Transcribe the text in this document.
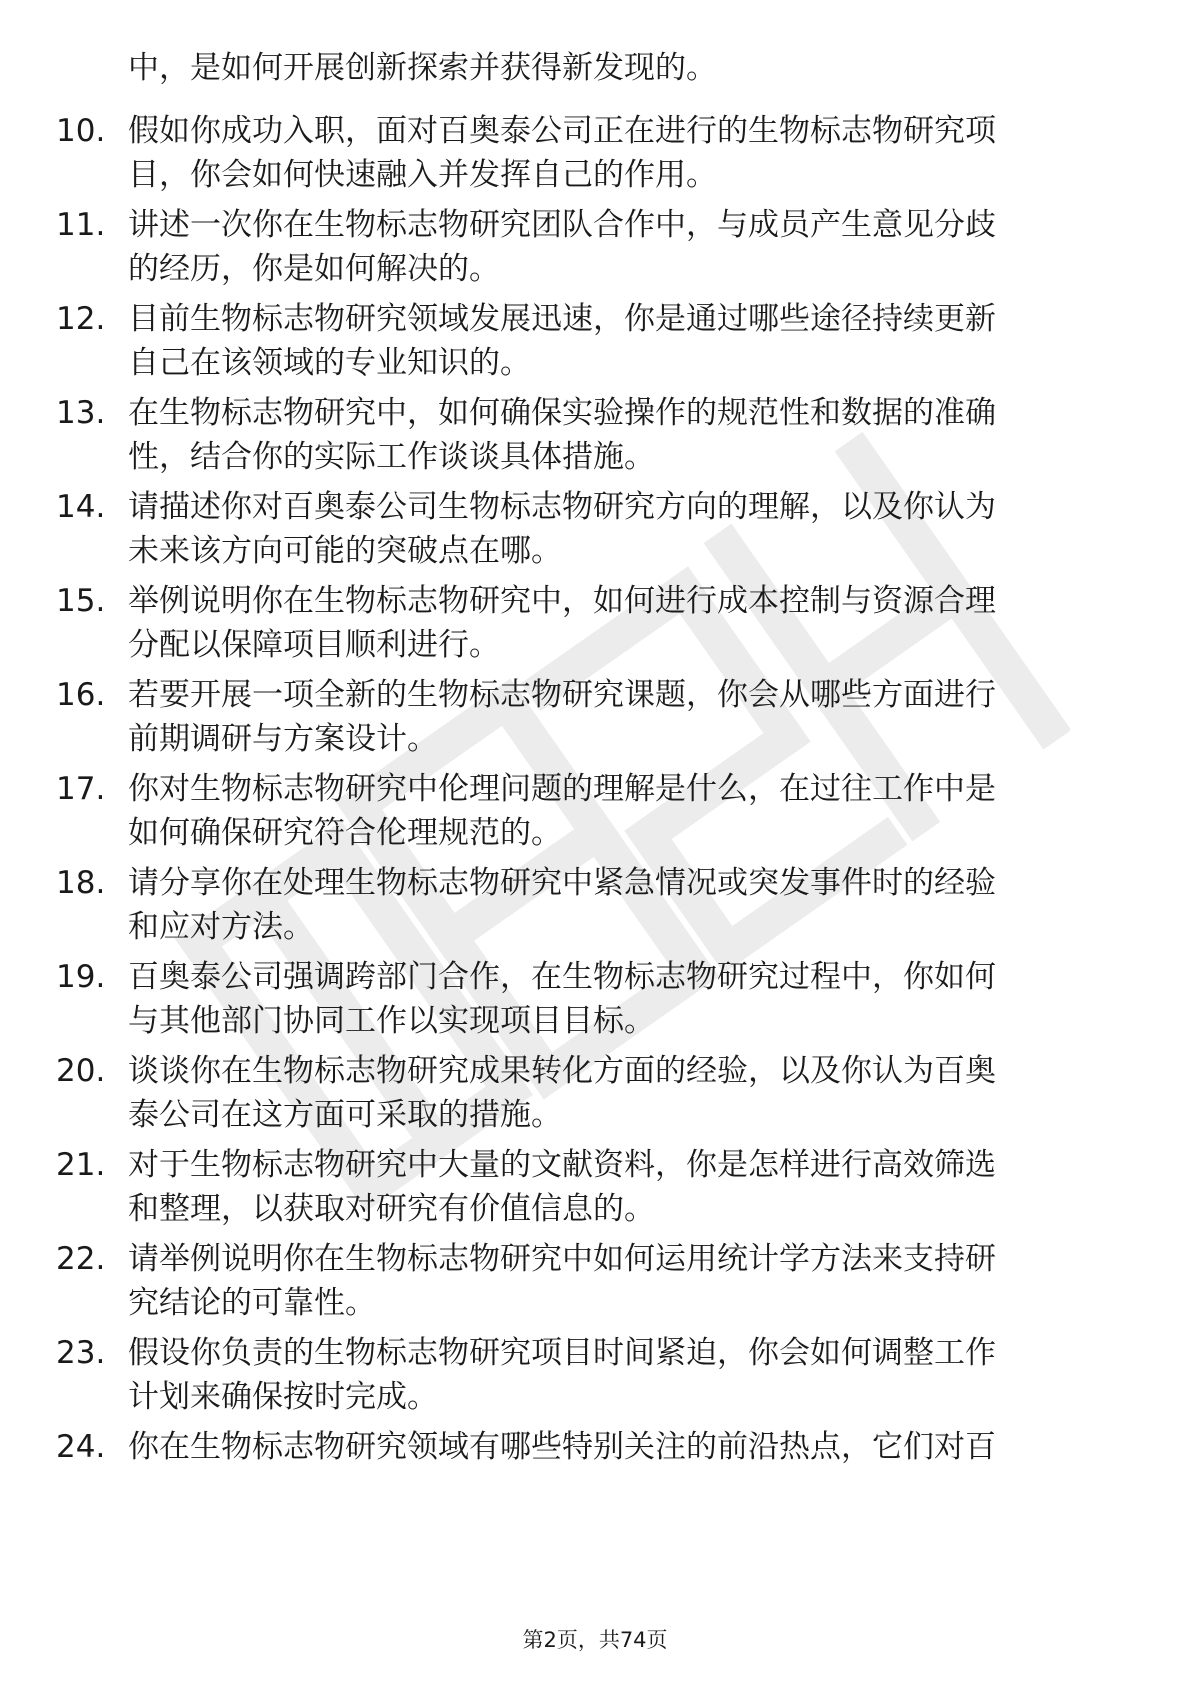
中，是如何开展创新探索并获得新发现的。
10. 假如你成功入职，面对百奥泰公司正在进行的生物标志物研究项
目，你会如何快速融入并发挥自己的作用。
11. 讲述一次你在生物标志物研究团队合作中，与成员产生意见分歧
的经历，你是如何解决的。
12. 目前生物标志物研究领域发展迅速，你是通过哪些途径持续更新
自己在该领域的专业知识的。
13. 在生物标志物研究中，如何确保实验操作的规范性和数据的准确
性，结合你的实际工作谈谈具体措施。
14. 请描述你对百奥泰公司生物标志物研究方向的理解，以及你认为
未来该方向可能的突破点在哪。
15. 举例说明你在生物标志物研究中，如何进行成本控制与资源合理
分配以保障项目顺利进行。
16. 若要开展一项全新的生物标志物研究课题，你会从哪些方面进行
前期调研与方案设计。
17. 你对生物标志物研究中伦理问题的理解是什么，在过往工作中是
如何确保研究符合伦理规范的。
18. 请分享你在处理生物标志物研究中紧急情况或突发事件时的经验
和应对方法。
19. 百奥泰公司强调跨部门合作，在生物标志物研究过程中，你如何
与其他部门协同工作以实现项目目标。
20. 谈谈你在生物标志物研究成果转化方面的经验，以及你认为百奥
泰公司在这方面可采取的措施。
21. 对于生物标志物研究中大量的文献资料，你是怎样进行高效筛选
和整理，以获取对研究有价值信息的。
22. 请举例说明你在生物标志物研究中如何运用统计学方法来支持研
究结论的可靠性。
23. 假设你负责的生物标志物研究项目时间紧迫，你会如何调整工作
计划来确保按时完成。
24. 你在生物标志物研究领域有哪些特别关注的前沿热点，它们对百
第2页，共74页
